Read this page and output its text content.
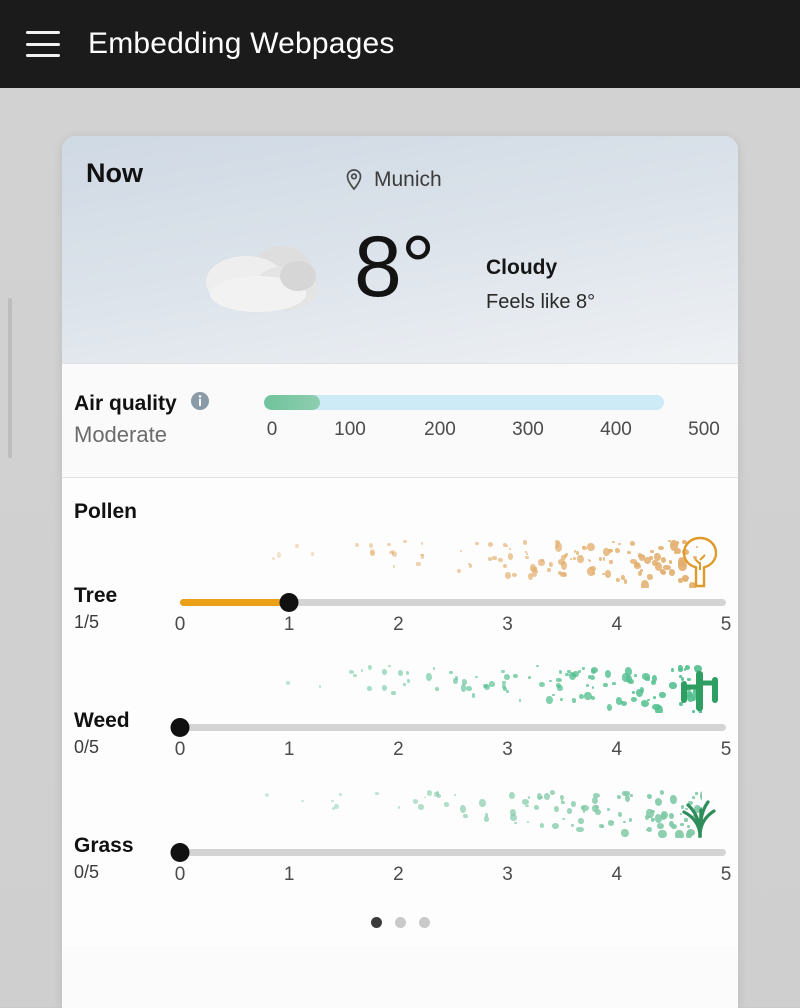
Embedding Webpages
Now	Munich
8° Cloudy
Feels like 8°
Air quality
Moderate	0	100	200	300	400	500
Pollen
Tree
1/5	0	1	2	3	4	5
Weed
0/5	0	1	2	3	4	5
Grass
0/5	0	1	2	3	4	5
